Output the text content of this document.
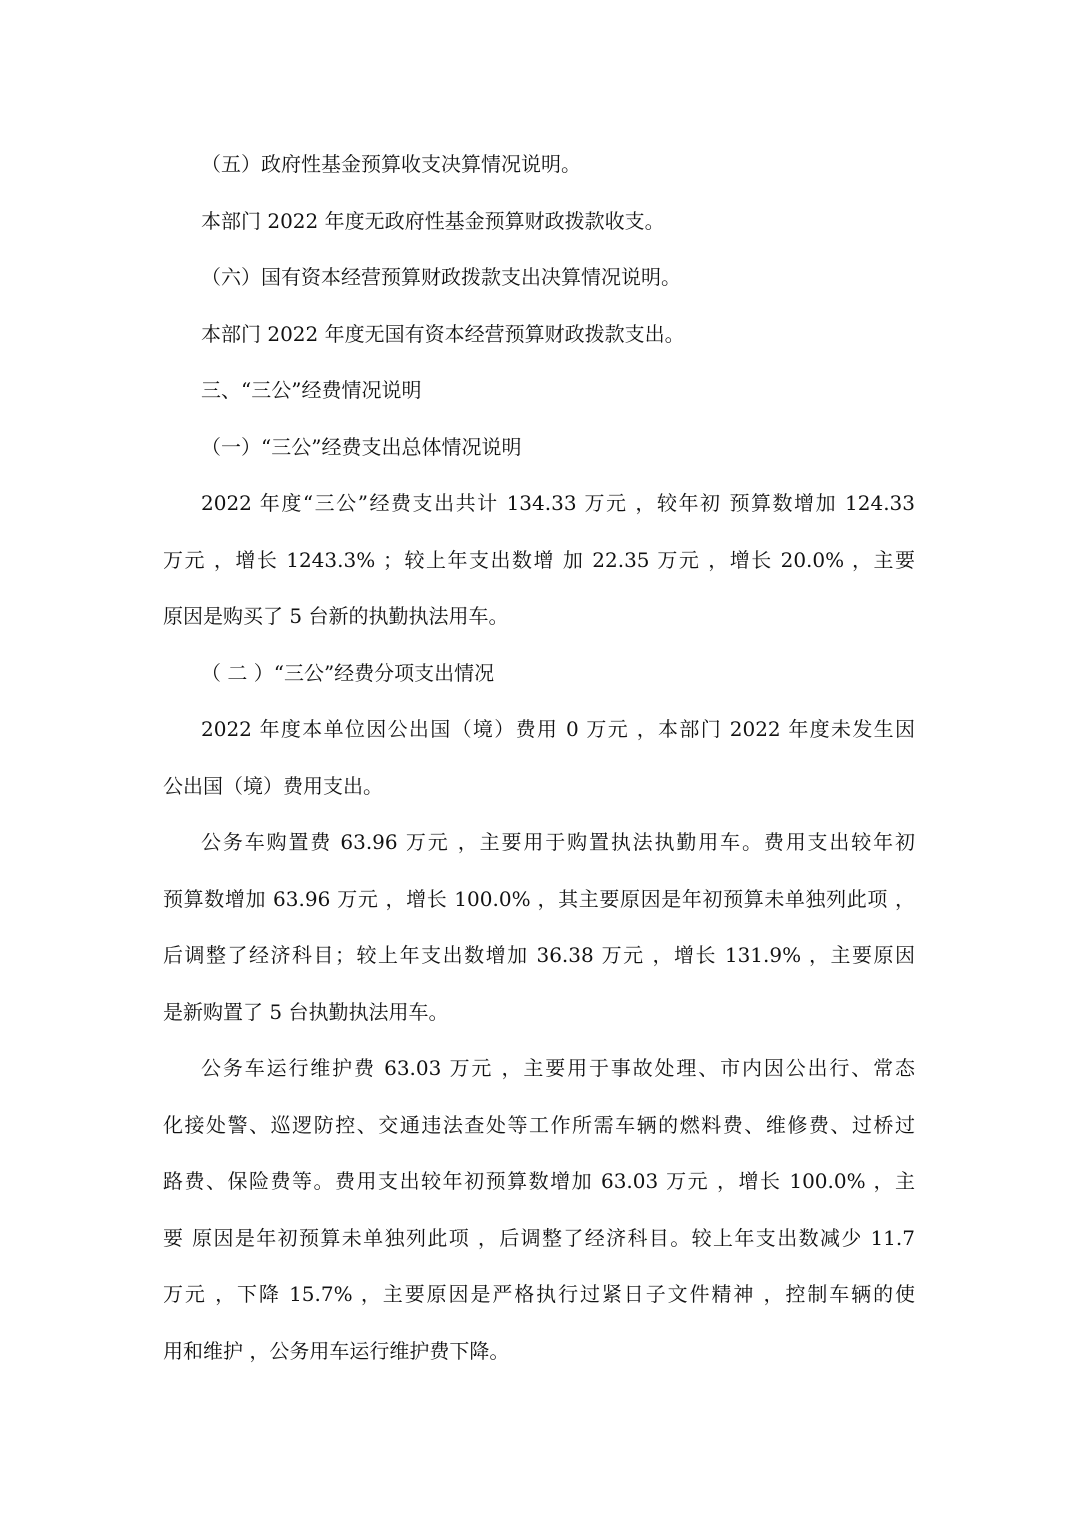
（五）政府性基金预算收支决算情况说明。

本部门 2022 年度无政府性基金预算财政拨款收支。

（六）国有资本经营预算财政拨款支出决算情况说明。

本部门 2022 年度无国有资本经营预算财政拨款支出。

三、“三公”经费情况说明

（一）“三公”经费支出总体情况说明

2022 年度“三公”经费支出共计 134.33 万元 ，较年初 预算数增加 124.33

万元 ，增长 1243.3% ；较上年支出数增 加 22.35 万元 ，增长 20.0% ，主要

原因是购买了 5 台新的执勤执法用车。

（ 二 ）“三公”经费分项支出情况

2022 年度本单位因公出国（境）费用 0 万元 ，本部门 2022 年度未发生因

公出国（境）费用支出。

公务车购置费 63.96 万元 ，主要用于购置执法执勤用车。费用支出较年初

预算数增加 63.96 万元 ，增长 100.0% ，其主要原因是年初预算未单独列此项 ，

后调整了经济科目；较上年支出数增加 36.38 万元 ，增长 131.9% ，主要原因

是新购置了 5 台执勤执法用车。

公务车运行维护费 63.03 万元 ，主要用于事故处理、市内因公出行、常态

化接处警、巡逻防控、交通违法查处等工作所需车辆的燃料费、维修费、过桥过

路费、保险费等。费用支出较年初预算数增加 63.03 万元 ，增长 100.0% ，主

要 原因是年初预算未单独列此项 ，后调整了经济科目。较上年支出数减少 11.7

万元 ，下降 15.7% ，主要原因是严格执行过紧日子文件精神 ，控制车辆的使

用和维护 ，公务用车运行维护费下降。
